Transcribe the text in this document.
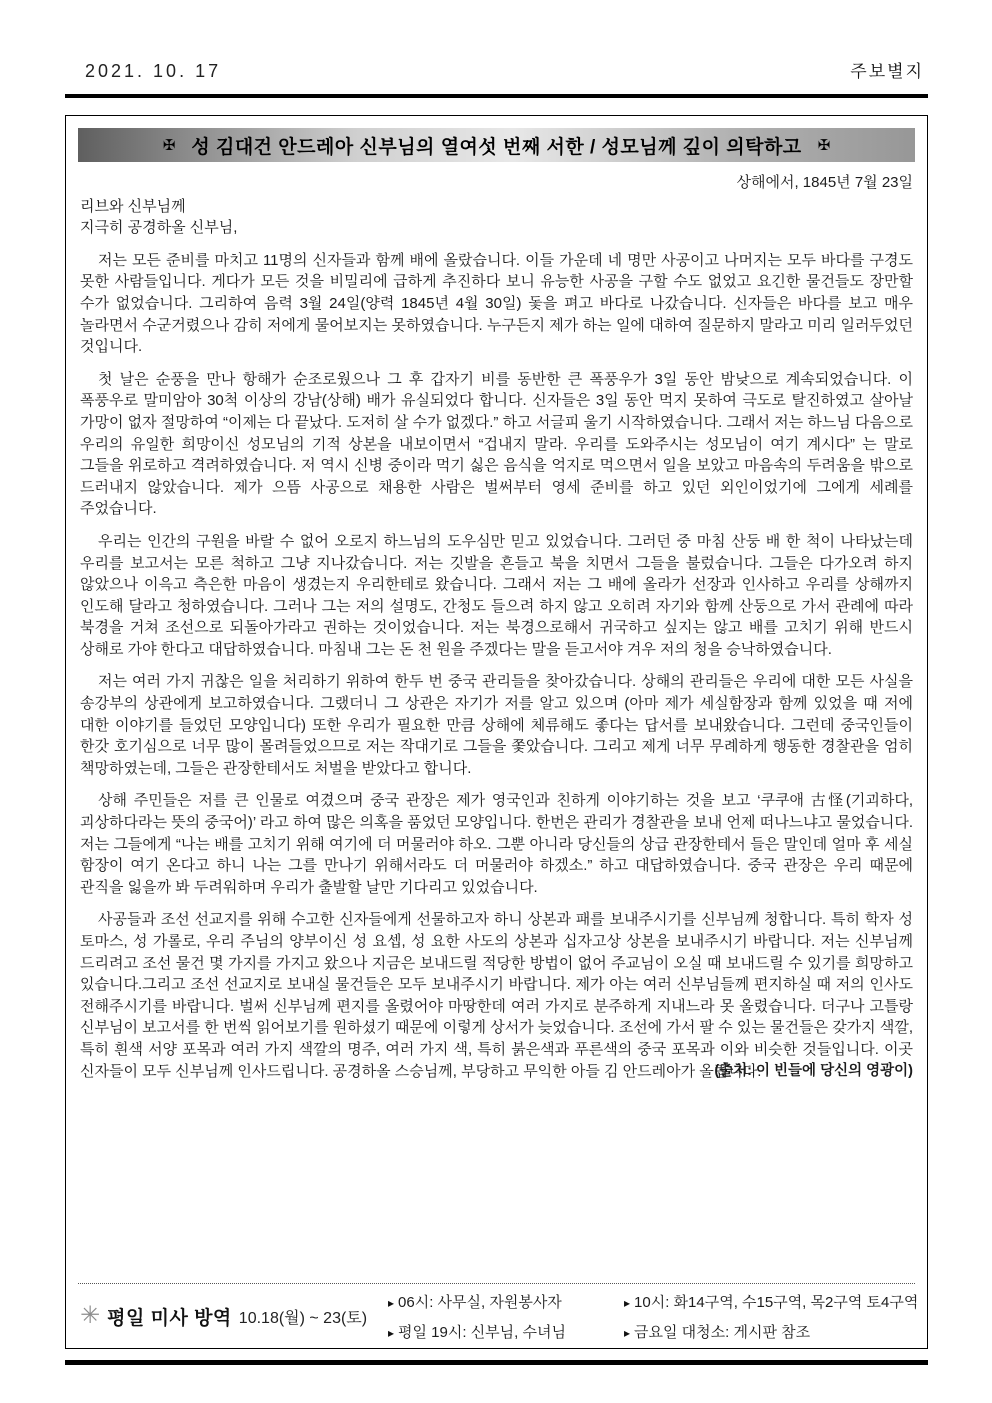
2021. 10. 17	주보별지
✠ 성 김대건 안드레아 신부님의 열여섯 번째 서한 / 성모님께 깊이 의탁하고 ✠

상해에서, 1845년 7월 23일

리브와 신부님께

지극히 공경하올 신부님,

저는 모든 준비를 마치고 11명의 신자들과 함께 배에 올랐습니다. 이들 가운데 네 명만 사공이고 나머지는 모두 바다를 구경도 못한 사람들입니다. 게다가 모든 것을 비밀리에 급하게 추진하다 보니 유능한 사공을 구할 수도 없었고 요긴한 물건들도 장만할 수가 없었습니다. 그리하여 음력 3월 24일(양력 1845년 4월 30일) 돛을 펴고 바다로 나갔습니다. 신자들은 바다를 보고 매우 놀라면서 수군거렸으나 감히 저에게 물어보지는 못하였습니다. 누구든지 제가 하는 일에 대하여 질문하지 말라고 미리 일러두었던 것입니다.

첫 날은 순풍을 만나 항해가 순조로웠으나 그 후 갑자기 비를 동반한 큰 폭풍우가 3일 동안 밤낮으로 계속되었습니다. 이 폭풍우로 말미암아 30척 이상의 강남(상해) 배가 유실되었다 합니다. 신자들은 3일 동안 먹지 못하여 극도로 탈진하였고 살아날 가망이 없자 절망하여 “이제는 다 끝났다. 도저히 살 수가 없겠다.” 하고 서글피 울기 시작하였습니다. 그래서 저는 하느님 다음으로 우리의 유일한 희망이신 성모님의 기적 상본을 내보이면서 “겁내지 말라. 우리를 도와주시는 성모님이 여기 계시다” 는 말로 그들을 위로하고 격려하였습니다. 저 역시 신병 중이라 먹기 싫은 음식을 억지로 먹으면서 일을 보았고 마음속의 두려움을 밖으로 드러내지 않았습니다. 제가 으뜸 사공으로 채용한 사람은 벌써부터 영세 준비를 하고 있던 외인이었기에 그에게 세례를 주었습니다.

우리는 인간의 구원을 바랄 수 없어 오로지 하느님의 도우심만 믿고 있었습니다. 그러던 중 마침 산둥 배 한 척이 나타났는데 우리를 보고서는 모른 척하고 그냥 지나갔습니다. 저는 깃발을 흔들고 북을 치면서 그들을 불렀습니다. 그들은 다가오려 하지 않았으나 이윽고 측은한 마음이 생겼는지 우리한테로 왔습니다. 그래서 저는 그 배에 올라가 선장과 인사하고 우리를 상해까지 인도해 달라고 청하였습니다. 그러나 그는 저의 설명도, 간청도 들으려 하지 않고 오히려 자기와 함께 산둥으로 가서 관례에 따라 북경을 거쳐 조선으로 되돌아가라고 권하는 것이었습니다. 저는 북경으로해서 귀국하고 싶지는 않고 배를 고치기 위해 반드시 상해로 가야 한다고 대답하였습니다. 마침내 그는 돈 천 원을 주겠다는 말을 듣고서야 겨우 저의 청을 승낙하였습니다.

저는 여러 가지 귀찮은 일을 처리하기 위하여 한두 번 중국 관리들을 찾아갔습니다. 상해의 관리들은 우리에 대한 모든 사실을 송강부의 상관에게 보고하였습니다. 그랬더니 그 상관은 자기가 저를 알고 있으며 (아마 제가 세실함장과 함께 있었을 때 저에 대한 이야기를 들었던 모양입니다) 또한 우리가 필요한 만큼 상해에 체류해도 좋다는 답서를 보내왔습니다. 그런데 중국인들이 한갓 호기심으로 너무 많이 몰려들었으므로 저는 작대기로 그들을 쫓았습니다. 그리고 제게 너무 무례하게 행동한 경찰관을 엄히 책망하였는데, 그들은 관장한테서도 처벌을 받았다고 합니다.

상해 주민들은 저를 큰 인물로 여겼으며 중국 관장은 제가 영국인과 친하게 이야기하는 것을 보고 ‘쿠쿠애 古怪(기괴하다, 괴상하다라는 뜻의 중국어)’ 라고 하여 많은 의혹을 품었던 모양입니다. 한번은 관리가 경찰관을 보내 언제 떠나느냐고 물었습니다. 저는 그들에게 “나는 배를 고치기 위해 여기에 더 머물러야 하오. 그뿐 아니라 당신들의 상급 관장한테서 들은 말인데 얼마 후 세실 함장이 여기 온다고 하니 나는 그를 만나기 위해서라도 더 머물러야 하겠소.” 하고 대답하였습니다. 중국 관장은 우리 때문에 관직을 잃을까 봐 두려워하며 우리가 출발할 날만 기다리고 있었습니다.

사공들과 조선 선교지를 위해 수고한 신자들에게 선물하고자 하니 상본과 패를 보내주시기를 신부님께 청합니다. 특히 학자 성 토마스, 성 가롤로, 우리 주님의 양부이신 성 요셉, 성 요한 사도의 상본과 십자고상 상본을 보내주시기 바랍니다. 저는 신부님께 드리려고 조선 물건 몇 가지를 가지고 왔으나 지금은 보내드릴 적당한 방법이 없어 주교님이 오실 때 보내드릴 수 있기를 희망하고 있습니다.그리고 조선 선교지로 보내실 물건들은 모두 보내주시기 바랍니다. 제가 아는 여러 신부님들께 편지하실 때 저의 인사도 전해주시기를 바랍니다. 벌써 신부님께 편지를 올렸어야 마땅한데 여러 가지로 분주하게 지내느라 못 올렸습니다. 더구나 고틀랑 신부님이 보고서를 한 번씩 읽어보기를 원하셨기 때문에 이렇게 상서가 늦었습니다. 조선에 가서 팔 수 있는 물건들은 갖가지 색깔, 특히 흰색 서양 포목과 여러 가지 색깔의 명주, 여러 가지 색, 특히 붉은색과 푸른색의 중국 포목과 이와 비슷한 것들입니다. 이곳 신자들이 모두 신부님께 인사드립니다. 공경하올 스승님께, 부당하고 무익한 아들 김 안드레아가 올립니다.

(출처: 이 빈들에 당신의 영광이)
✳ 평일 미사 방역 10.18(월) ~ 23(토)
▸ 06시: 사무실, 자원봉사자	▸ 10시: 화14구역, 수15구역, 목2구역 토4구역
▸ 평일 19시: 신부님, 수녀님	▸ 금요일 대청소: 게시판 참조
